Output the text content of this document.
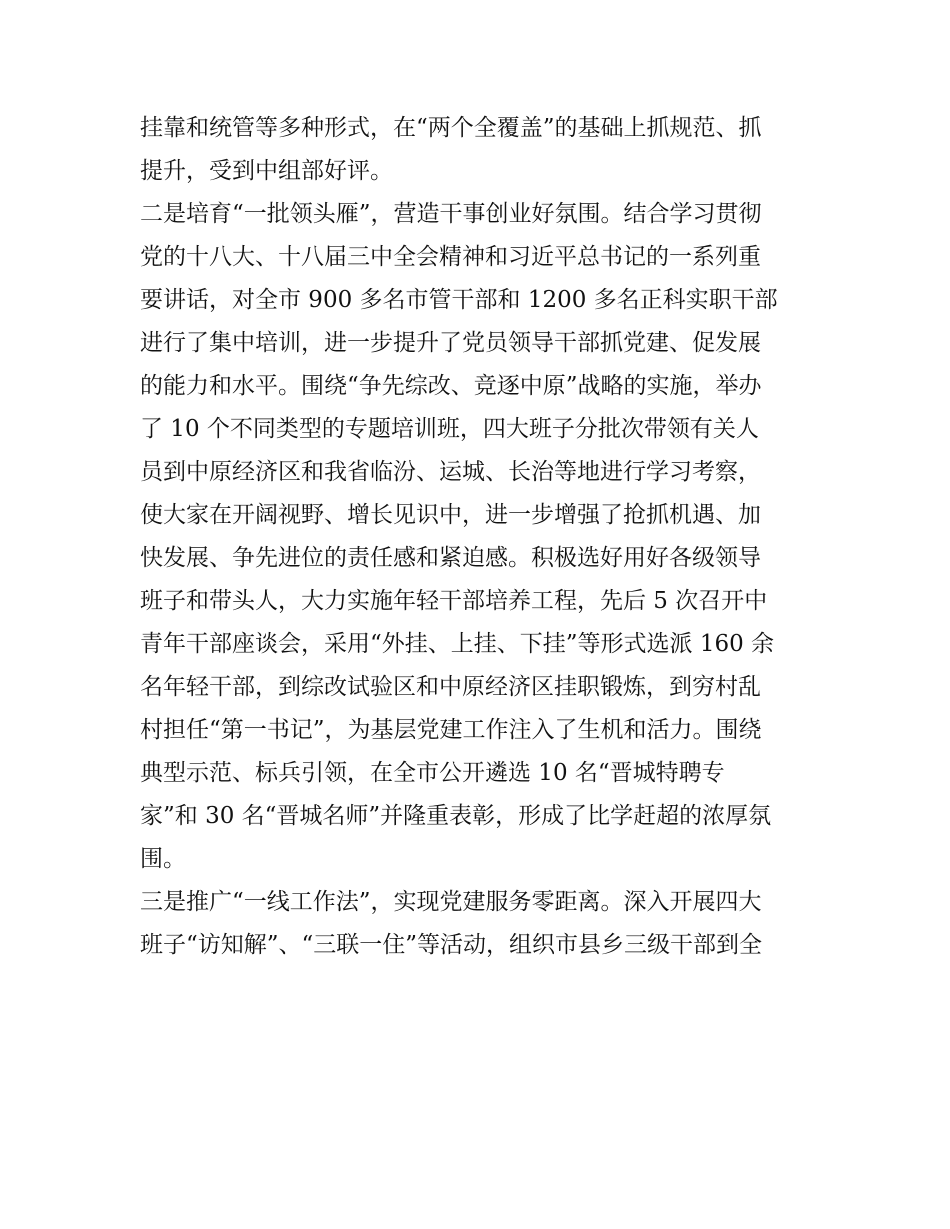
挂靠和统管等多种形式，在“两个全覆盖”的基础上抓规范、抓
提升，受到中组部好评。
二是培育“一批领头雁”，营造干事创业好氛围。结合学习贯彻
党的十八大、十八届三中全会精神和习近平总书记的一系列重
要讲话，对全市 900 多名市管干部和 1200 多名正科实职干部
进行了集中培训，进一步提升了党员领导干部抓党建、促发展
的能力和水平。围绕“争先综改、竞逐中原”战略的实施，举办
了 10 个不同类型的专题培训班，四大班子分批次带领有关人
员到中原经济区和我省临汾、运城、长治等地进行学习考察，
使大家在开阔视野、增长见识中，进一步增强了抢抓机遇、加
快发展、争先进位的责任感和紧迫感。积极选好用好各级领导
班子和带头人，大力实施年轻干部培养工程，先后 5 次召开中
青年干部座谈会，采用“外挂、上挂、下挂”等形式选派 160 余
名年轻干部，到综改试验区和中原经济区挂职锻炼，到穷村乱
村担任“第一书记”，为基层党建工作注入了生机和活力。围绕
典型示范、标兵引领，在全市公开遴选 10 名“晋城特聘专
家”和 30 名“晋城名师”并隆重表彰，形成了比学赶超的浓厚氛
围。
三是推广“一线工作法”，实现党建服务零距离。深入开展四大
班子“访知解”、“三联一住”等活动，组织市县乡三级干部到全
